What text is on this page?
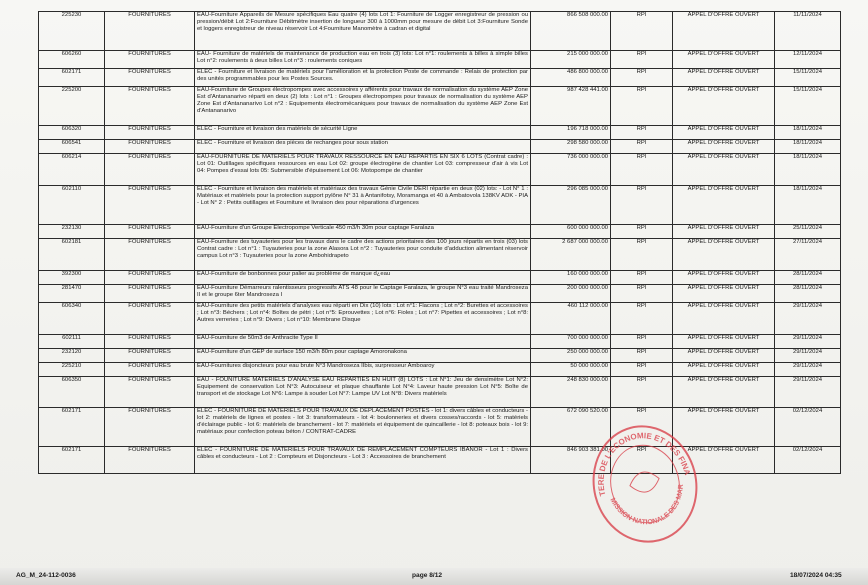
225230	FOURNITURES	EAU-Fourniture Appareils de Mesure spécifiques Eau quatre (4) lots Lot 1: Fourniture de Logger enregistreur de pression ou pression/débit Lot 2:Fourniture Débitmètre insertion de longueur 300 à 1000mm pour mesure de débit Lot 3:Fourniture Sonde et loggers enregistreur de niveau réservoir Lot 4:Fourniture Manomètre à cadran et digital	866 508 000.00	RPI	APPEL D'OFFRE OUVERT	11/11/2024
606260	FOURNITURES	EAU- Fourniture de matériels de maintenance de production eau en trois (3) lots: Lot n°1: roulements à billes à simple billes Lot n°2: roulements à deux billes Lot n°3 : roulements coniques	215 000 000.00	RPI	APPEL D'OFFRE OUVERT	12/11/2024
602171	FOURNITURES	ELEC - Fourniture et livraison de matériels pour l'amélioration et la protection Poste de commande : Relais de protection par des unités programmables pour les Postes Sources.	486 800 000.00	RPI	APPEL D'OFFRE OUVERT	15/11/2024
225200	FOURNITURES	EAU-Fourniture de Groupes électropompes avec accessoires y afférents pour travaux de normalisation du système AEP Zone Est d'Antananarivo réparti en deux (2) lots : Lot n°1 : Groupes électropompes pour travaux de normalisation du système AEP Zone Est d'Antananarivo Lot n°2 : Equipements électromécaniques pour travaux de normalisation du système AEP Zone Est d'Antananarivo	987 428 441.00	RPI	APPEL D'OFFRE OUVERT	15/11/2024
606320	FOURNITURES	ELEC - Fourniture et livraison des matériels de sécurité Ligne	196 718 000.00	RPI	APPEL D'OFFRE OUVERT	18/11/2024
606541	FOURNITURES	ELEC - Fourniture et livraison des pièces de rechanges pour sous station	298 580 000.00	RPI	APPEL D'OFFRE OUVERT	18/11/2024
606214	FOURNITURES	EAU-FOURNITURE DE MATERIELS POUR TRAVAUX RESSOURCE EN EAU REPARTIS EN SIX 6 LOTS (Contrat cadre) : Lot 01: Outillages spécifiques ressources en eau Lot 02: groupe électrogène de chantier Lot 03: compresseur d'air à vis Lot 04: Pompes d'essai lots 05: Submersible d'épuisement Lot 06: Motopompe de chantier	736 000 000.00	RPI	APPEL D'OFFRE OUVERT	18/11/2024
602110	FOURNITURES	ELEC - Fourniture et livraison des matériels et matériaux des travaux Génie Civile DERI répartie en deux (02) lots: - Lot N° 1 : Matériaux et matériels pour la protection support pylône N° 31 à Antanifotsy, Moramanga et 40 à Ambatovola 138KV ADK - PIA - Lot N° 2 : Petits outillages et Fourniture et livraison des pour réparations d'urgences	296 085 000.00	RPI	APPEL D'OFFRE OUVERT	18/11/2024
232130	FOURNITURES	EAU-Fourniture d'un Groupe Electropompe Verticale 450 m3/h 30m pour captage Faralaza	600 000 000.00	RPI	APPEL D'OFFRE OUVERT	25/11/2024
602181	FOURNITURES	EAU-Fourniture des tuyauteries pour les travaux dans le cadre des actions prioritaires des 100 jours répartis en trois (03) lots Contrat cadre : Lot n°1 : Tuyauteries pour la zone Alasora Lot n°2 : Tuyauteries pour conduite d'adduction alimentant réservoir campus Lot n°3 : Tuyauteries pour la zone Ambohidrapeto	2 687 000 000.00	RPI	APPEL D'OFFRE OUVERT	27/11/2024
392300	FOURNITURES	EAU-Fourniture de bonbonnes pour palier au problème de manque d¿eau	160 000 000.00	RPI	APPEL D'OFFRE OUVERT	28/11/2024
281470	FOURNITURES	EAU-Fourniture Démarreurs ralentisseurs progressifs ATS 48 pour le Captage Faralaza, le groupe N°3 eau traité Mandroseza II et le groupe 6ter Mandroseza I	200 000 000.00	RPI	APPEL D'OFFRE OUVERT	28/11/2024
606340	FOURNITURES	EAU-Fourniture des petits matériels d'analyses eau réparti en Dix (10) lots : Lot n°1: Flacons ; Lot n°2: Burettes et accessoires ; Lot n°3: Béchers ; Lot n°4: Boîtes de pétri ; Lot n°5: Eprouvettes ; Lot n°6: Fioles ; Lot n°7: Pipettes et accessoires ; Lot n°8: Autres verreries ; Lot n°9: Divers ; Lot n°10: Membrane Disque	460 112 000.00	RPI	APPEL D'OFFRE OUVERT	29/11/2024
602111	FOURNITURES	EAU-Fourniture de 50m3 de Anthracite Type II	700 000 000.00	RPI	APPEL D'OFFRE OUVERT	29/11/2024
232120	FOURNITURES	EAU-Fourniture d'un GEP de surface 150 m3/h 80m pour captage Amoronakona	250 000 000.00	RPI	APPEL D'OFFRE OUVERT	29/11/2024
225210	FOURNITURES	EAU-Fournitures disjoncteurs pour eau brute N°3 Mandroseza IIbis, surpresseur Amboaroy	50 000 000.00	RPI	APPEL D'OFFRE OUVERT	29/11/2024
606350	FOURNITURES	EAU - FOUNITURE MATERIELS D'ANALYSE EAU REPARTIES EN HUIT (8) LOTS : Lot N°1: Jeu de densimètre Lot N°2: Equipement de conservation Lot N°3: Autocuiseur et plaque chauffante Lot N°4: Laveur haute pression Lot N°5: Boîte de transport et de stockage Lot N°6: Lampe à souder Lot N°7: Lampe UV Lot N°8: Divers matériels	248 830 000.00	RPI	APPEL D'OFFRE OUVERT	29/11/2024
602171	FOURNITURES	ELEC - FOURNITURE DE MATÉRIELS POUR TRAVAUX DE DÉPLACEMENT POSTES - lot 1: divers câbles et conducteurs - lot 2: matériels de lignes et postes - lot 3: transformateurs - lot 4: boulonneries et divers cosses/raccords - lot 5: matériels d'éclairage public - lot 6: matériels de branchement - lot 7: matériels et équipement de quincaillerie - lot 8: poteaux bois - lot 9: matériaux pour confection poteau béton / CONTRAT-CADRE	672 090 520.00	RPI	APPEL D'OFFRE OUVERT	02/12/2024
602171	FOURNITURES	ELEC - FOURNITURE DE MATÉRIELS POUR TRAVAUX DE REMPLACEMENT COMPTEURS IBANOR - Lot 1 : Divers câbles et conducteurs - Lot 2 : Compteurs et Disjoncteurs - Lot 3 : Accessoires de branchement	846 903 381.00	RPI	APPEL D'OFFRE OUVERT	02/12/2024
MINISTERE DE L'ECONOMIE ET DES FINANCES
COMMISSION NATIONALE DES MARCHES
AG_M_24-112-0036	page 8/12	18/07/2024 04:35
